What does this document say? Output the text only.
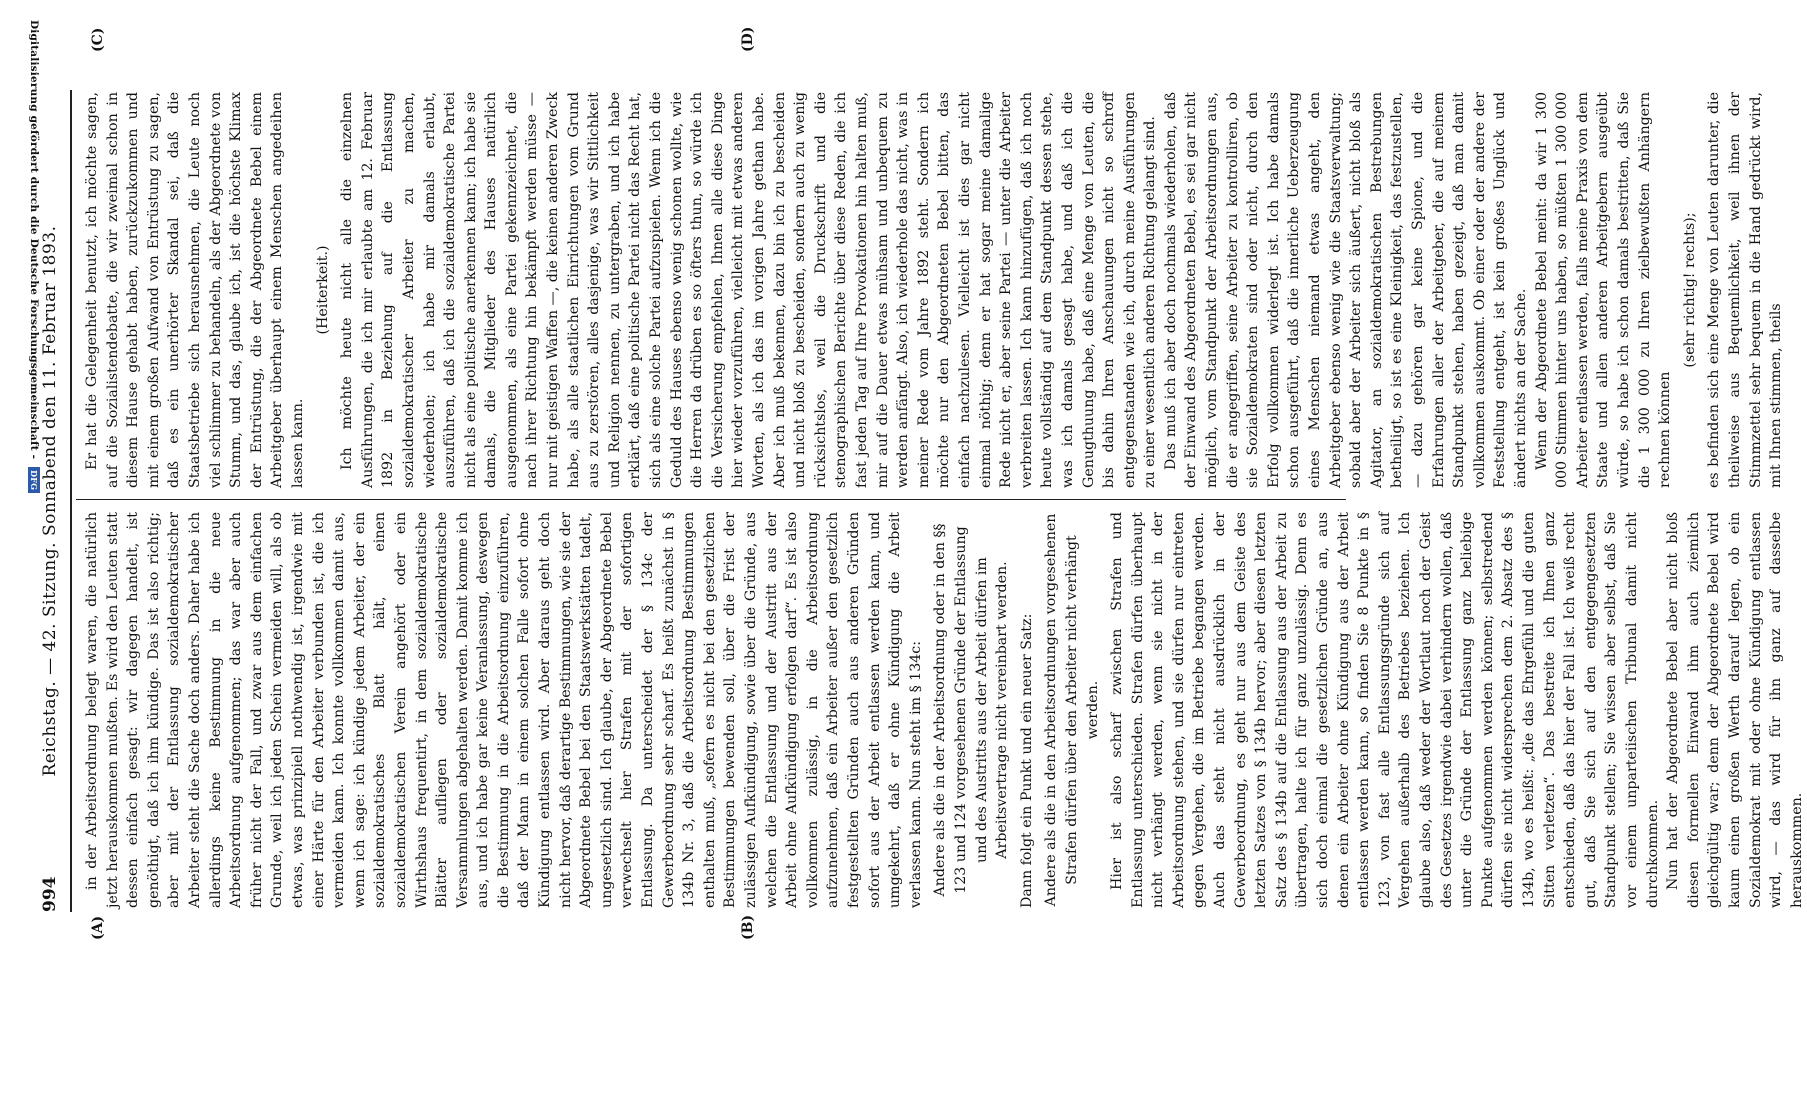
994
Reichstag. — 42. Sitzung. Sonnabend den 11. Februar 1893.
(A)	(B)
(C)	(D)

in der Arbeitsordnung belegt waren, die natürlich jetzt herauskommen mußten. Es wird den Leuten statt dessen einfach gesagt: wir dagegen handelt, ist genöthigt, daß ich ihm kündige. Das ist also richtig; aber mit der Entlassung sozialdemokratischer Arbeiter steht die Sache doch anders. Daher habe ich allerdings keine Bestimmung in die neue Arbeitsordnung aufgenommen; das war aber auch früher nicht der Fall, und zwar aus dem einfachen Grunde, weil ich jeden Schein vermeiden will, als ob etwas, was prinzipiell nothwendig ist, irgendwie mit einer Härte für den Arbeiter verbunden ist, die ich vermeiden kann. Ich konnte vollkommen damit aus, wenn ich sage: ich kündige jedem Arbeiter, der ein sozialdemokratisches Blatt hält, einen sozialdemokratischen Verein angehört oder ein Wirthshaus frequentirt, in dem sozialdemokratische Blätter aufliegen oder sozialdemokratische Versammlungen abgehalten werden. Damit komme ich aus, und ich habe gar keine Veranlassung, deswegen die Bestimmung in die Arbeitsordnung einzuführen, daß der Mann in einem solchen Falle sofort ohne Kündigung entlassen wird. Aber daraus geht doch nicht hervor, daß derartige Bestimmungen, wie sie der Abgeordnete Bebel bei den Staatswerkstätten tadelt, ungesetzlich sind. Ich glaube, der Abgeordnete Bebel verwechselt hier Strafen mit der sofortigen Entlassung. Da unterscheidet der § 134c der Gewerbeordnung sehr scharf. Es heißt zunächst in § 134b Nr. 3, daß die Arbeitsordnung Bestimmungen enthalten muß, „sofern es nicht bei den gesetzlichen Bestimmungen bewenden soll, über die Frist der zulässigen Aufkündigung, sowie über die Gründe, aus welchen die Entlassung und der Austritt aus der Arbeit ohne Aufkündigung erfolgen darf“. Es ist also vollkommen zulässig, in die Arbeitsordnung aufzunehmen, daß ein Arbeiter außer den gesetzlich festgestellten Gründen auch aus anderen Gründen sofort aus der Arbeit entlassen werden kann, und umgekehrt, daß er ohne Kündigung die Arbeit verlassen kann. Nun steht im § 134c: Andere als die in der Arbeitsordnung oder in den §§ 123 und 124 vorgesehenen Gründe der Entlassung und des Austritts aus der Arbeit dürfen im Arbeitsvertrage nicht vereinbart werden. Dann folgt ein Punkt und ein neuer Satz: Andere als die in den Arbeitsordnungen vorgesehenen Strafen dürfen über den Arbeiter nicht verhängt werden. Hier ist also scharf zwischen Strafen und Entlassung unterschieden. Strafen dürfen überhaupt nicht verhängt werden, wenn sie nicht in der Arbeitsordnung stehen, und sie dürfen nur eintreten gegen Vergehen, die im Betriebe begangen werden. Auch das steht nicht ausdrücklich in der Gewerbeordnung, es geht nur aus dem Geiste des letzten Satzes von § 134b hervor; aber diesen letzten Satz des § 134b auf die Entlassung aus der Arbeit zu übertragen, halte ich für ganz unzulässig. Denn es sich doch einmal die gesetzlichen Gründe an, aus denen ein Arbeiter ohne Kündigung aus der Arbeit entlassen werden kann, so finden Sie 8 Punkte in § 123, von fast alle Entlassungsgründe sich auf Vergehen außerhalb des Betriebes beziehen. Ich glaube also, daß weder der Wortlaut noch der Geist des Gesetzes irgendwie dabei verhindern wollen, daß unter die Gründe der Entlassung ganz beliebige Punkte aufgenommen werden können; selbstredend dürfen sie nicht widersprechen dem 2. Absatz des § 134b, wo es heißt: „die das Ehrgefühl und die guten Sitten verletzen“. Das bestreite ich Ihnen ganz entschieden, daß das hier der Fall ist. Ich weiß recht gut, daß Sie sich auf den entgegengesetzten Standpunkt stellen; Sie wissen aber selbst, daß Sie vor einem unparteiischen Tribunal damit nicht durchkommen. Nun hat der Abgeordnete Bebel aber nicht bloß diesen formellen Einwand ihm auch ziemlich gleichgültig war; denn der Abgeordnete Bebel wird kaum einen großen Werth darauf legen, ob ein Sozialdemokrat mit oder ohne Kündigung entlassen wird, — das wird für ihn ganz auf dasselbe herauskommen.

Er hat die Gelegenheit benutzt, ich möchte sagen, auf die Sozialistendebatte, die wir zweimal schon in diesem Hause gehabt haben, zurückzukommen und mit einem großen Aufwand von Entrüstung zu sagen, daß es ein unerhörter Skandal sei, daß die Staatsbetriebe sich herausnehmen, die Leute noch viel schlimmer zu behandeln, als der Abgeordnete von Stumm, und das, glaube ich, ist die höchste Klimax der Entrüstung, die der Abgeordnete Bebel einem Arbeitgeber überhaupt einem Menschen angedeihen lassen kann.

(Heiterkeit.) Ich möchte heute nicht alle die einzelnen Ausführungen, die ich mir erlaubte am 12. Februar 1892 in Beziehung auf die Entlassung sozialdemokratischer Arbeiter zu machen, wiederholen; ich habe mir damals erlaubt, auszuführen, daß ich die sozialdemokratische Partei nicht als eine politische anerkennen kann; ich habe sie damals, die Mitglieder des Hauses natürlich ausgenommen, als eine Partei gekennzeichnet, die nach ihrer Richtung hin bekämpft werden müsse — nur mit geistigen Waffen —, die keinen anderen Zweck habe, als alle staatlichen Einrichtungen vom Grund aus zu zerstören, alles dasjenige, was wir Sittlichkeit und Religion nennen, zu untergraben, und ich habe erklärt, daß eine politische Partei nicht das Recht hat, sich als eine solche Partei aufzuspielen. Wenn ich die Geduld des Hauses ebenso wenig schonen wollte, wie die Herren da drüben es so öfters thun, so würde ich die Versicherung empfehlen, Ihnen alle diese Dinge hier wieder vorzuführen, vielleicht mit etwas anderen Worten, als ich das im vorigen Jahre gethan habe. Aber ich muß bekennen, dazu bin ich zu bescheiden und nicht bloß zu bescheiden, sondern auch zu wenig rücksichtslos, weil die Druckschrift und die stenographischen Berichte über diese Reden, die ich fast jeden Tag auf Ihre Provokationen hin halten muß, mir auf die Dauer etwas mühsam und unbequem zu werden anfängt. Also, ich wiederhole das nicht, was in meiner Rede vom Jahre 1892 steht. Sondern ich möchte nur den Abgeordneten Bebel bitten, das einfach nachzulesen. Vielleicht ist dies gar nicht einmal nöthig; denn er hat sogar meine damalige Rede nicht er, aber seine Partei — unter die Arbeiter verbreiten lassen. Ich kann hinzufügen, daß ich noch heute vollständig auf dem Standpunkt dessen stehe, was ich damals gesagt habe, und daß ich die Genugthuung habe, daß eine Menge von Leuten, die bis dahin Ihren Anschauungen nicht so schroff entgegenstanden wie ich, durch meine Ausführungen zu einer wesentlich anderen Richtung gelangt sind. Das muß ich aber doch nochmals wiederholen, daß der Einwand des Abgeordneten Bebel, es sei gar nicht möglich, vom Standpunkt der Arbeitsordnungen aus, die er angegriffen, seine Arbeiter zu kontrolliren, ob sie Sozialdemokraten sind oder nicht, durch den Erfolg vollkommen widerlegt ist. Ich habe damals schon ausgeführt, daß die innerliche Ueberzeugung eines Menschen niemand etwas angeht, den Arbeitgeber ebenso wenig wie die Staatsverwaltung; sobald aber der Arbeiter sich äußert, nicht bloß als Agitator, an sozialdemokratischen Bestrebungen betheiligt, so ist es eine Kleinigkeit, das festzustellen, — dazu gehören gar keine Spione, und die Erfahrungen aller der Arbeitgeber, die auf meinem Standpunkt stehen, haben gezeigt, daß man damit vollkommen auskommt. Ob einer oder der andere der Feststellung entgeht, ist kein großes Unglück und ändert nichts an der Sache. Wenn der Abgeordnete Bebel meint: da wir 1 300 000 Stimmen hinter uns haben, so müßten 1 300 000 Arbeiter entlassen werden, falls meine Praxis von dem Staate und allen anderen Arbeitgebern ausgeübt würde, so habe ich schon damals bestritten, daß Sie die 1 300 000 zu Ihren zielbewußten Anhängern rechnen können

(sehr richtig! rechts); es befinden sich eine Menge von Leuten darunter, die theilweise aus Bequemlichkeit, weil ihnen der Stimmzettel sehr bequem in die Hand gedrückt wird, mit Ihnen stimmen, theils

Digitalisierung gefördert durch die Deutsche Forschungsgemeinschaft - DFG
